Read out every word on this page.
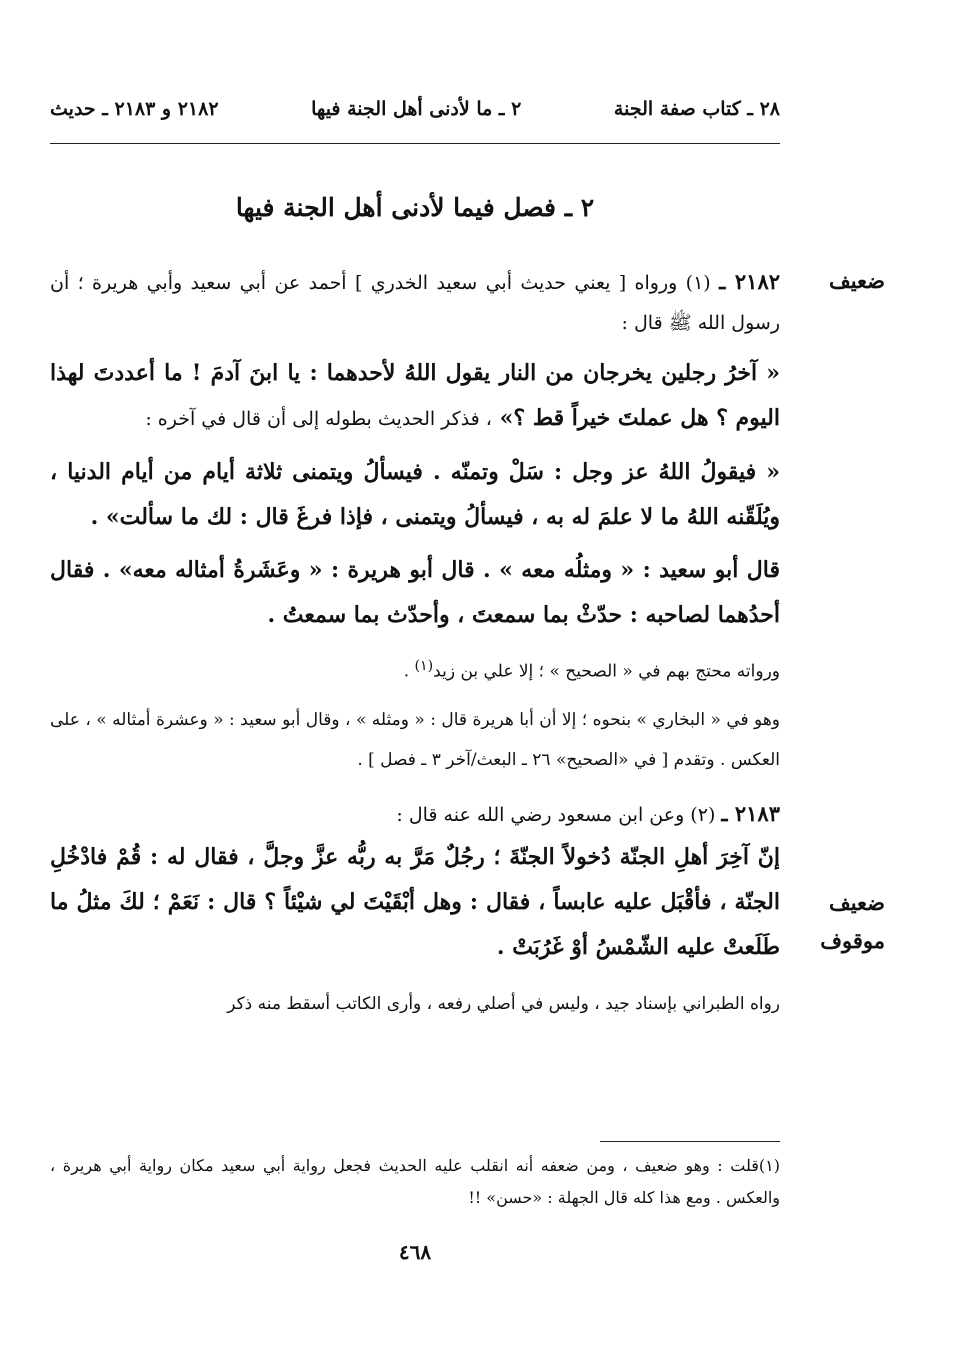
٢٨ ـ كتاب صفة الجنة
٢ ـ ما لأدنى أهل الجنة فيها
٢١٨٢ و ٢١٨٣ ـ حديث
٢ ـ فصل فيما لأدنى أهل الجنة فيها
ضعيف
ضعيف
موقوف

٢١٨٢ ـ (١) ورواه [ يعني حديث أبي سعيد الخدري ] أحمد عن أبي سعيد وأبي هريرة ؛ أن رسول الله ﷺ قال :

« آخرُ رجلين يخرجان من النار يقول اللهُ لأحدهما : يا ابنَ آدمَ ! ما أعددتَ لهذا اليوم ؟ هل عملتَ خيراً قط ؟» ، فذكر الحديث بطوله إلى أن قال في آخره :

« فيقولُ اللهُ عز وجل : سَلْ وتمنّه . فيسألُ ويتمنى ثلاثة أيام من أيام الدنيا ، ويُلَقّنه اللهُ ما لا علمَ له به ، فيسألُ ويتمنى ، فإذا فرغَ قال : لك ما سألت» .

قال أبو سعيد : « ومثلُه معه » . قال أبو هريرة : « وعَشَرةُ أمثاله معه» . فقال أحدُهما لصاحبه : حدّثْ بما سمعتَ ، وأحدّث بما سمعتُ .

ورواته محتج بهم في « الصحيح » ؛ إلا علي بن زيد$^{(١)}$ .

وهو في « البخاري » بنحوه ؛ إلا أن أبا هريرة قال : « ومثله » ، وقال أبو سعيد : « وعشرة أمثاله » ، على العكس . وتقدم [ في «الصحيح» ٢٦ ـ البعث/آخر ٣ ـ فصل ] .

٢١٨٣ ـ (٢) وعن ابن مسعود رضي الله عنه قال :

إنّ آخِرَ أهلِ الجنّة دُخولاً الجنّةَ ؛ رجُلٌ مَرَّ به ربُّه عزَّ وجلَّ ، فقال له : قُمْ فادْخُلِ الجنّة ، فأقْبَل عليه عابساً ، فقال : وهل أبْقَيْتَ لي شيْئاً ؟ قال : نَعَمْ ؛ لكَ مثلُ ما طَلَعتْ عليه الشّمْسُ أوْ غَرُبَتْ .

رواه الطبراني بإسناد جيد ، وليس في أصلي رفعه ، وأرى الكاتب أسقط منه ذكر

(١)قلت : وهو ضعيف ، ومن ضعفه أنه انقلب عليه الحديث فجعل رواية أبي سعيد مكان رواية أبي هريرة ، والعكس . ومع هذا كله قال الجهلة : «حسن» !!
٤٦٨
